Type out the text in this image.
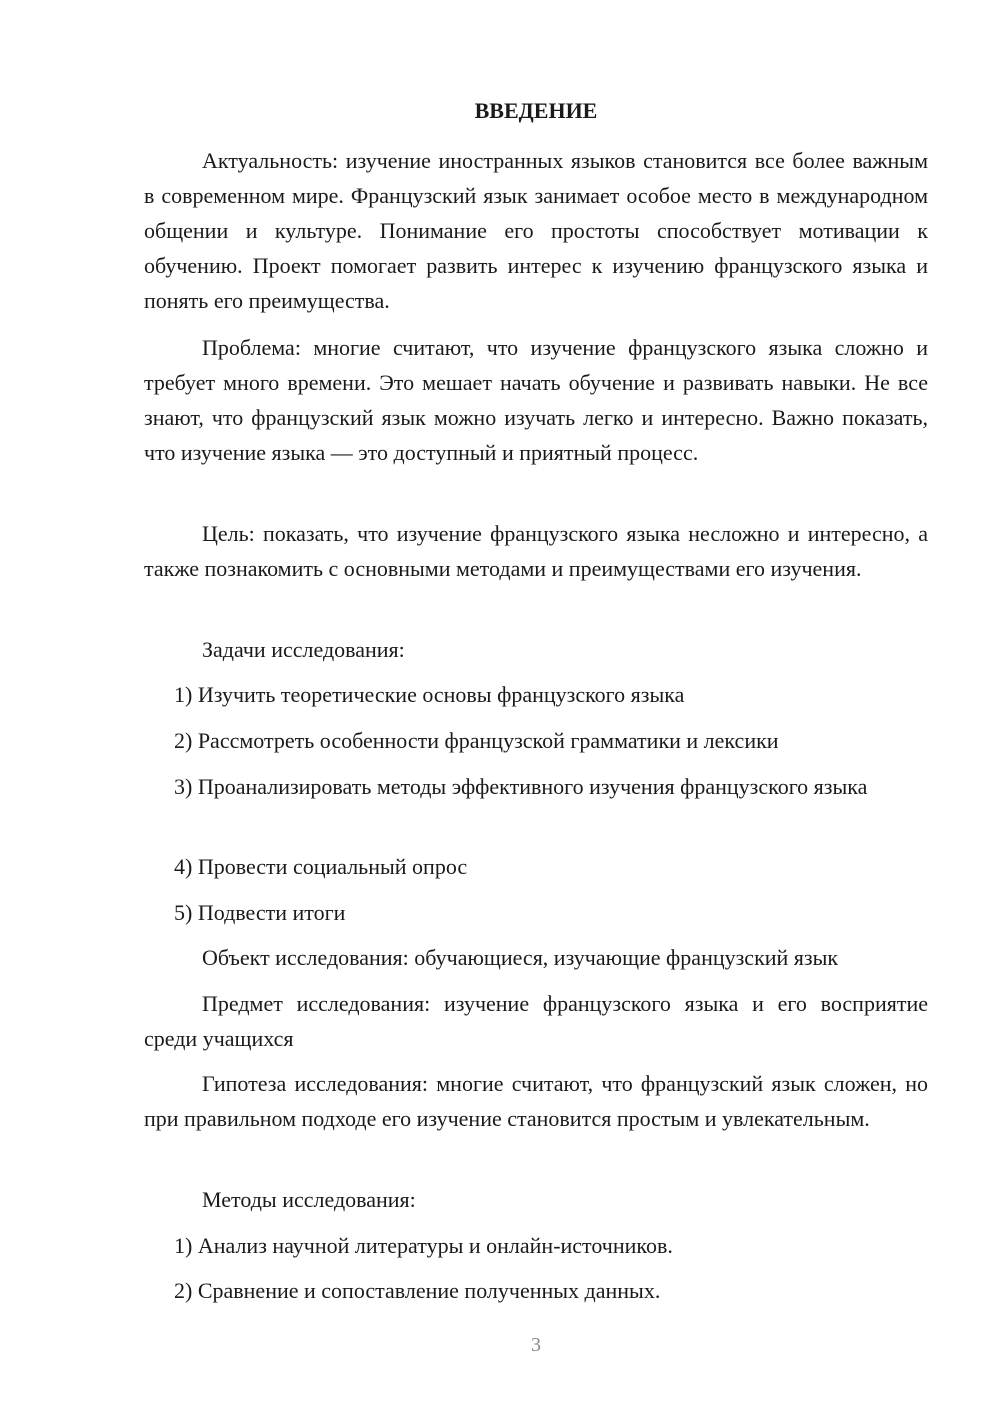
ВВЕДЕНИЕ

Актуальность: изучение иностранных языков становится все более важным в современном мире. Французский язык занимает особое место в международном общении и культуре. Понимание его простоты способствует мотивации к обучению. Проект помогает развить интерес к изучению французского языка и понять его преимущества.

Проблема: многие считают, что изучение французского языка сложно и требует много времени. Это мешает начать обучение и развивать навыки. Не все знают, что французский язык можно изучать легко и интересно. Важно показать, что изучение языка — это доступный и приятный процесс.

Цель: показать, что изучение французского языка несложно и интересно, а также познакомить с основными методами и преимуществами его изучения.

Задачи исследования:

1) Изучить теоретические основы французского языка

2) Рассмотреть особенности французской грамматики и лексики

3) Проанализировать методы эффективного изучения французского языка

4) Провести социальный опрос

5) Подвести итоги

Объект исследования: обучающиеся, изучающие французский язык

Предмет исследования: изучение французского языка и его восприятие среди учащихся

Гипотеза исследования: многие считают, что французский язык сложен, но при правильном подходе его изучение становится простым и увлекательным.

Методы исследования:

1) Анализ научной литературы и онлайн-источников.

2) Сравнение и сопоставление полученных данных.

3
